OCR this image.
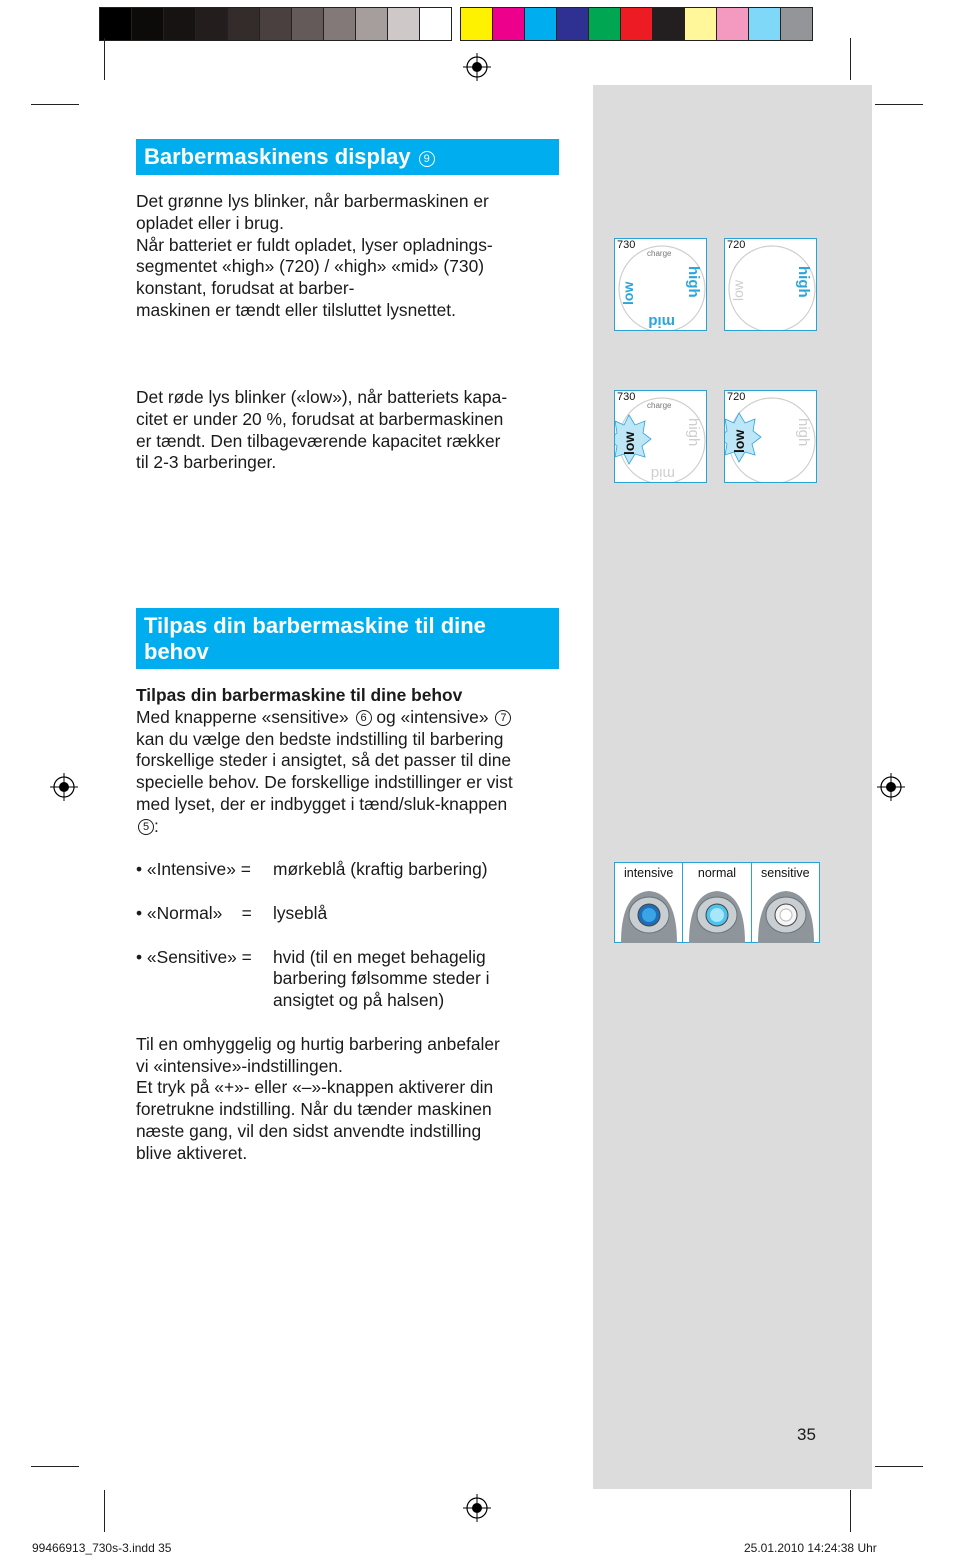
Barbermaskinens display 9

Det grønne lys blinker, når barbermaskinen er

opladet eller i brug.

Når batteriet er fuldt opladet, lyser opladnings-

segmentet «high» (720) / «high» «mid» (730)

konstant, forudsat at barber-

maskinen er tændt eller tilsluttet lysnettet.

Det røde lys blinker («low»), når batteriets kapa-

citet er under 20 %, forudsat at barbermaskinen

er tændt. Den tilbageværende kapacitet rækker

til 2-3 barberinger.

730
charge
low
mid
high
720
low	high
730
charge
low
mid
high
720
low	high
Tilpas din barbermaskine til dine
behov

Tilpas din barbermaskine til dine behov

Med knapperne «sensitive» 6 og «intensive» 7

kan du vælge den bedste indstilling til barbering

forskellige steder i ansigtet, så det passer til dine

specielle behov. De forskellige indstillinger er vist

med lyset, der er indbygget i tænd/sluk-knappen

5 :

• «Intensive» =	mørkeblå (kraftig barbering)
• «Normal»    =	lyseblå
• «Sensitive» =	hvid (til en meget behagelig barbering følsomme steder i ansigtet og på halsen)

Til en omhyggelig og hurtig barbering anbefaler

vi «intensive»-indstillingen.

Et tryk på «+»- eller «–»-knappen aktiverer din

foretrukne indstilling. Når du tænder maskinen

næste gang, vil den sidst anvendte indstilling

blive aktiveret.

intensive	normal	sensitive
35
99466913_730s-3.indd 35	25.01.2010 14:24:38 Uhr
